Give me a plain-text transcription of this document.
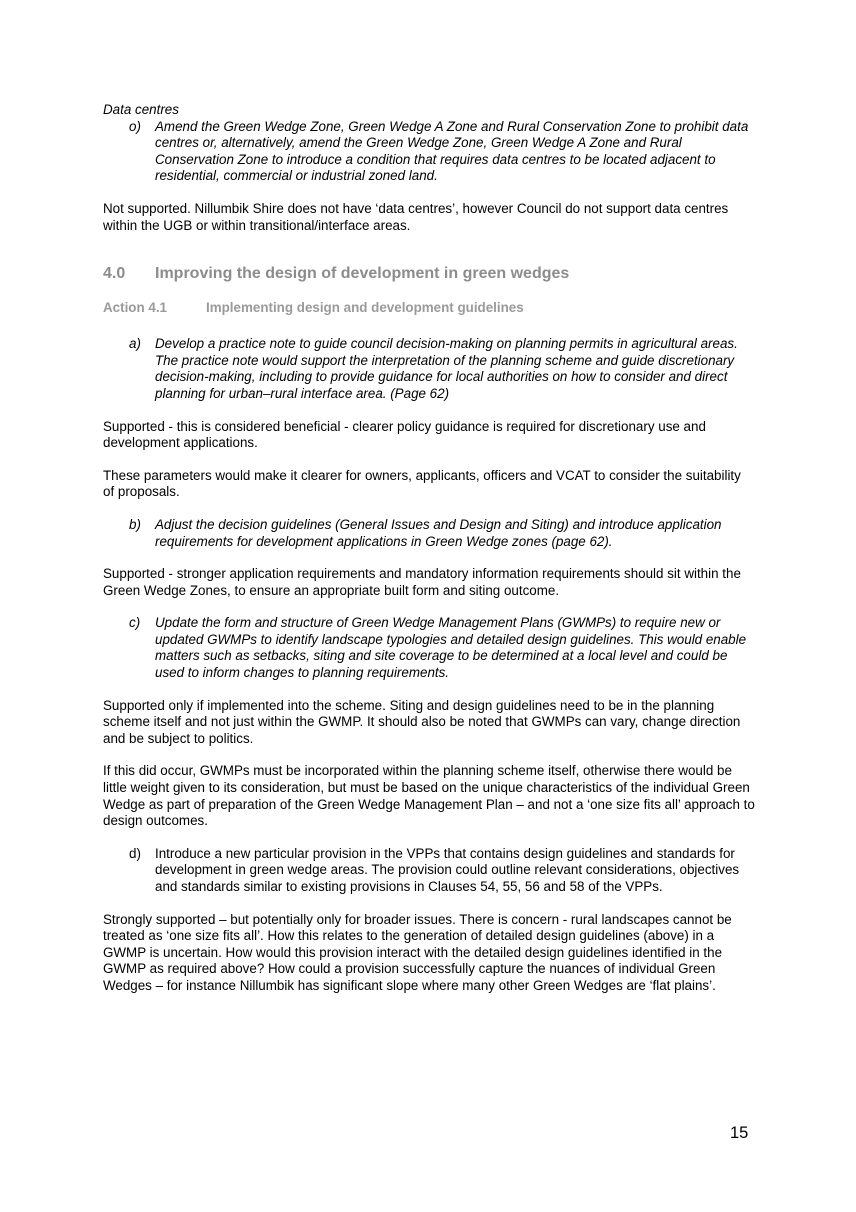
Data centres

o)	Amend the Green Wedge Zone, Green Wedge A Zone and Rural Conservation Zone to prohibit data centres or, alternatively, amend the Green Wedge Zone, Green Wedge A Zone and Rural Conservation Zone to introduce a condition that requires data centres to be located adjacent to residential, commercial or industrial zoned land.

Not supported. Nillumbik Shire does not have ‘data centres’, however Council do not support data centres within the UGB or within transitional/interface areas.

4.0	Improving the design of development in green wedges
Action 4.1	Implementing design and development guidelines
a)	Develop a practice note to guide council decision-making on planning permits in agricultural areas. The practice note would support the interpretation of the planning scheme and guide discretionary decision-making, including to provide guidance for local authorities on how to consider and direct planning for urban–rural interface area. (Page 62)

Supported - this is considered beneficial - clearer policy guidance is required for discretionary use and development applications.

These parameters would make it clearer for owners, applicants, officers and VCAT to consider the suitability of proposals.

b)	Adjust the decision guidelines (General Issues and Design and Siting) and introduce application requirements for development applications in Green Wedge zones (page 62).

Supported - stronger application requirements and mandatory information requirements should sit within the Green Wedge Zones, to ensure an appropriate built form and siting outcome.

c)	Update the form and structure of Green Wedge Management Plans (GWMPs) to require new or updated GWMPs to identify landscape typologies and detailed design guidelines. This would enable matters such as setbacks, siting and site coverage to be determined at a local level and could be used to inform changes to planning requirements.

Supported only if implemented into the scheme. Siting and design guidelines need to be in the planning scheme itself and not just within the GWMP. It should also be noted that GWMPs can vary, change direction and be subject to politics.

If this did occur, GWMPs must be incorporated within the planning scheme itself, otherwise there would be little weight given to its consideration, but must be based on the unique characteristics of the individual Green Wedge as part of preparation of the Green Wedge Management Plan – and not a ‘one size fits all’ approach to design outcomes.

d)	Introduce a new particular provision in the VPPs that contains design guidelines and standards for development in green wedge areas. The provision could outline relevant considerations, objectives and standards similar to existing provisions in Clauses 54, 55, 56 and 58 of the VPPs.

Strongly supported – but potentially only for broader issues. There is concern - rural landscapes cannot be treated as ‘one size fits all’. How this relates to the generation of detailed design guidelines (above) in a GWMP is uncertain. How would this provision interact with the detailed design guidelines identified in the GWMP as required above? How could a provision successfully capture the nuances of individual Green Wedges – for instance Nillumbik has significant slope where many other Green Wedges are ‘flat plains’.

15
